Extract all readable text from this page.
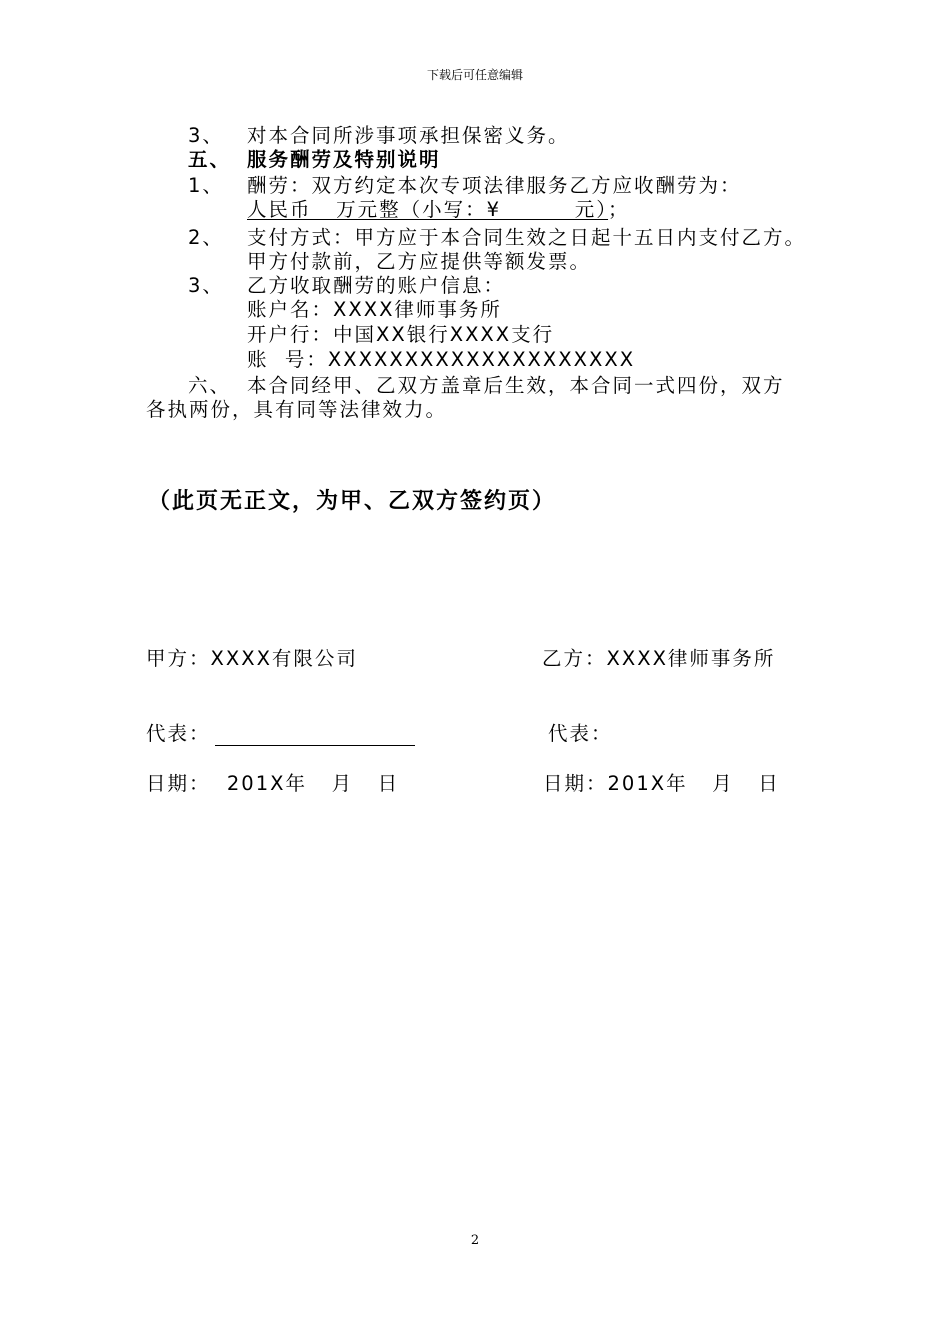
下载后可任意编辑
3、 对本合同所涉事项承担保密义务。
五、 服务酬劳及特别说明
1、 酬劳：双方约定本次专项法律服务乙方应收酬劳为：
人民币   万元整（小写：¥         元）；
2、 支付方式：甲方应于本合同生效之日起十五日内支付乙方。
甲方付款前，乙方应提供等额发票。
3、 乙方收取酬劳的账户信息：
账户名：XXXX律师事务所
开户行：中国XX银行XXXX支行
账  号：XXXXXXXXXXXXXXXXXXXX
六、 本合同经甲、乙双方盖章后生效，本合同一式四份，双方
各执两份，具有同等法律效力。
（此页无正文，为甲、乙双方签约页）
甲方：XXXX有限公司	乙方：XXXX律师事务所
代表：	代表：
日期：  201X年   月   日	日期：201X年   月   日
2
